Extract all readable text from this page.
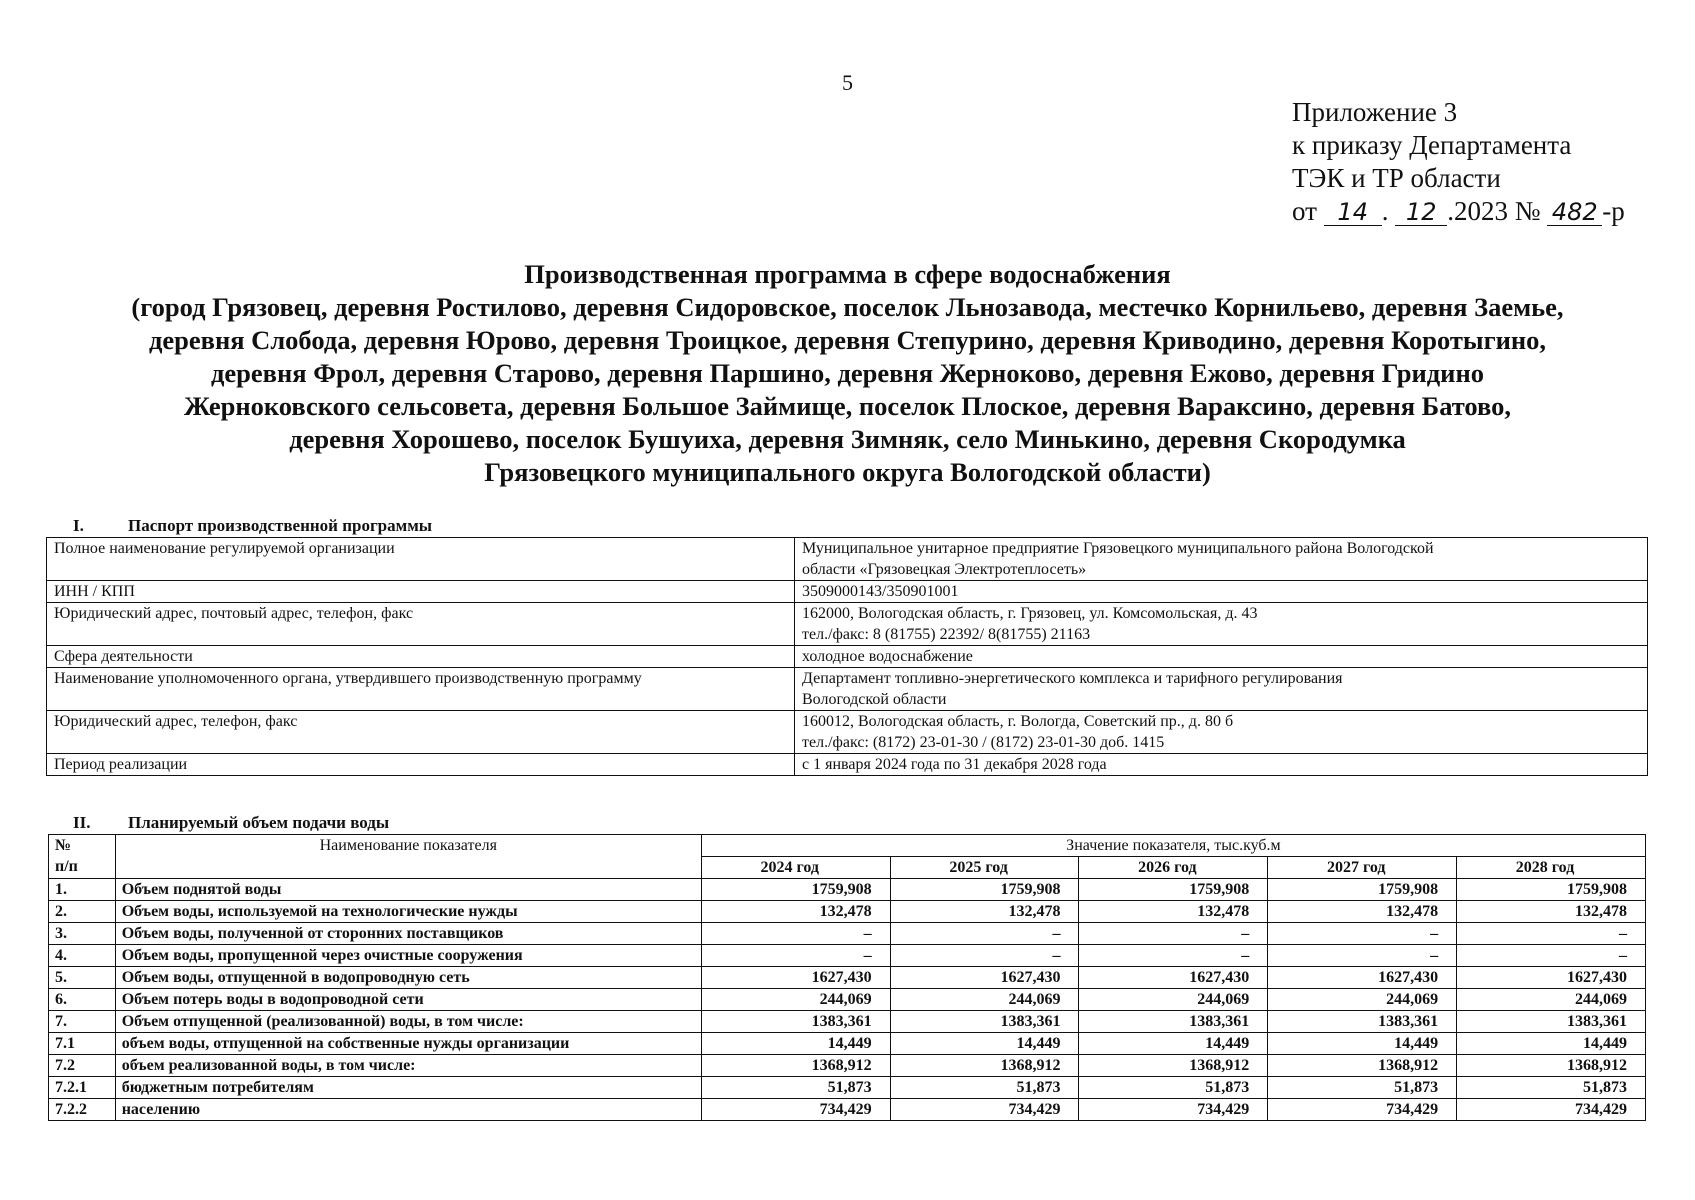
5
Приложение 3
к приказу Департамента
ТЭК и ТР области
от 14 . 12 .2023 № 482 -р
Производственная программа в сфере водоснабжения
(город Грязовец, деревня Ростилово, деревня Сидоровское, поселок Льнозавода, местечко Корнильево, деревня Заемье,
деревня Слобода, деревня Юрово, деревня Троицкое, деревня Степурино, деревня Криводино, деревня Коротыгино,
деревня Фрол, деревня Старово, деревня Паршино, деревня Жерноково, деревня Ежово, деревня Гридино
Жерноковского сельсовета, деревня Большое Займище, поселок Плоское, деревня Вараксино, деревня Батово,
деревня Хорошево, поселок Бушуиха, деревня Зимняк, село Минькино, деревня Скородумка
Грязовецкого муниципального округа Вологодской области)
I.	Паспорт производственной программы
Полное наименование регулируемой организации	Муниципальное унитарное предприятие Грязовецкого муниципального района Вологодской
области «Грязовецкая Электротеплосеть»

ИНН / КПП	3509000143/350901001

Юридический адрес, почтовый адрес, телефон, факс	162000, Вологодская область, г. Грязовец, ул. Комсомольская, д. 43
тел./факс: 8 (81755) 22392/ 8(81755) 21163

Сфера деятельности	холодное водоснабжение

Наименование уполномоченного органа, утвердившего производственную программу	Департамент топливно-энергетического комплекса и тарифного регулирования
Вологодской области

Юридический адрес, телефон, факс	160012, Вологодская область, г. Вологда, Советский пр., д. 80 б
тел./факс: (8172) 23-01-30 / (8172) 23-01-30 доб. 1415

Период реализации	с 1 января 2024 года по 31 декабря 2028 года
II. Планируемый объем подачи воды
№
п/п	Наименование показателя	Значение показателя, тыс.куб.м				
		2024 год	2025 год	2026 год	2027 год	2028 год
1.	Объем поднятой воды	1759,908	1759,908	1759,908	1759,908	1759,908
2.	Объем воды, используемой на технологические нужды	132,478	132,478	132,478	132,478	132,478
3.	Объем воды, полученной от сторонних поставщиков	–	–	–	–	–
4.	Объем воды, пропущенной через очистные сооружения	–	–	–	–	–
5.	Объем воды, отпущенной в водопроводную сеть	1627,430	1627,430	1627,430	1627,430	1627,430
6.	Объем потерь воды в водопроводной сети	244,069	244,069	244,069	244,069	244,069
7.	Объем отпущенной (реализованной) воды, в том числе:	1383,361	1383,361	1383,361	1383,361	1383,361
7.1	объем воды, отпущенной на собственные нужды организации	14,449	14,449	14,449	14,449	14,449
7.2	объем реализованной воды, в том числе:	1368,912	1368,912	1368,912	1368,912	1368,912
7.2.1	бюджетным потребителям	51,873	51,873	51,873	51,873	51,873
7.2.2	населению	734,429	734,429	734,429	734,429	734,429
